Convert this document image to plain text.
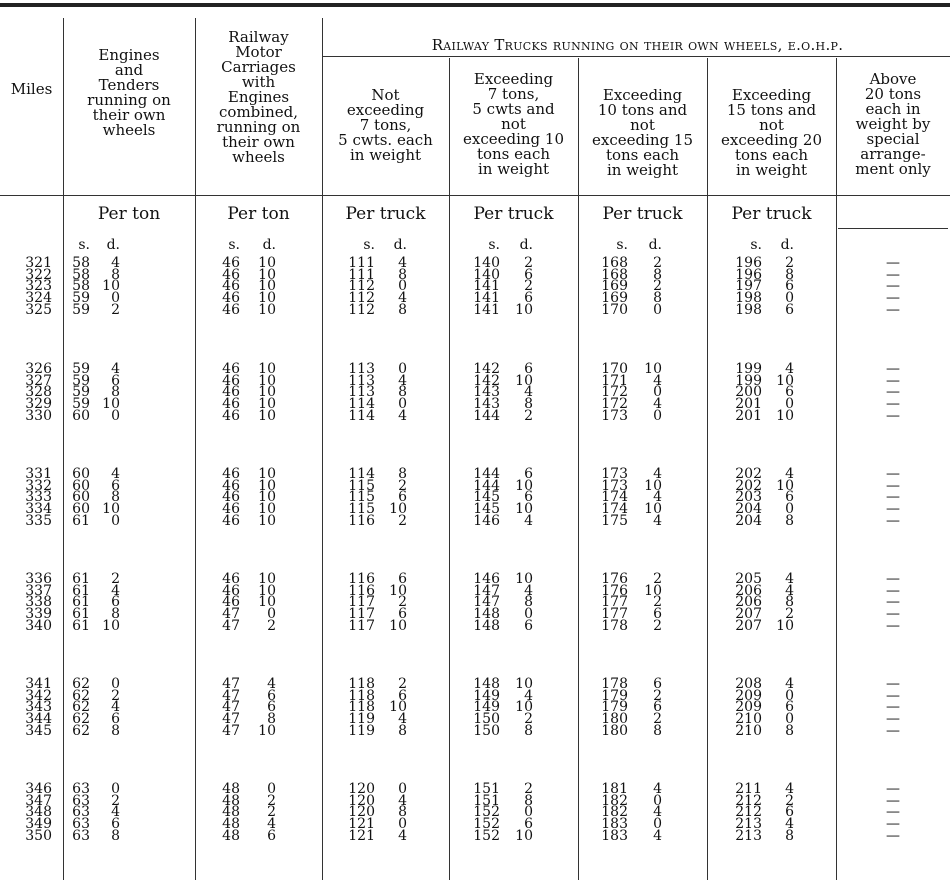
Miles
Engines
and
Tenders
running on
their own
wheels
Railway
Motor
Carriages
with
Engines
combined,
running on
their own
wheels
Railway Trucks running on their own wheels, e.o.h.p.
Not
exceeding
7 tons,
5 cwts. each
in weight
Exceeding
7 tons,
5 cwts and
not
exceeding 10
tons each
in weight
Exceeding
10 tons and
not
exceeding 15
tons each
in weight
Exceeding
15 tons and
not
exceeding 20
tons each
in weight
Above
20 tons
each in
weight by
special
arrange-
ment only
Per ton	Per ton	Per truck	Per truck	Per truck	Per truck
s.	d.	s.	d.	s.	d.	s.	d.	s.	d.	s.	d.
321	58	4	46	10	111	4	140	2	168	2	196	2	—
322	58	8	46	10	111	8	140	6	168	8	196	8	—
323	58 10	46	10	112	0	141	2	169	2	197	6	—
324	59	0	46	10	112	4	141	6	169	8	198	0	—
325	59	2	46	10	112	8	141	10	170	0	198	6	—
326	59	4	46	10	113	0	142	6	170	10	199	4	—
327	59	6	46	10	113	4	142	10	171	4	199	10	—
328	59	8	46	10	113	8	143	4	172	0	200	6	—
329	59 10	46	10	114	0	143	8	172	4	201	0	—
330	60	0	46	10	114	4	144	2	173	0	201	10	—
331	60	4	46	10	114	8	144	6	173	4	202	4	—
332	60	6	46	10	115	2	144	10	173	10	202	10	—
333	60	8	46	10	115	6	145	6	174	4	203	6	—
334	60 10	46	10	115	10	145	10	174	10	204	0	—
335	61	0	46	10	116	2	146	4	175	4	204	8	—
336	61	2	46	10	116	6	146	10	176	2	205	4	—
337	61	4	46	10	116	10	147	4	176	10	206	4	—
338	61	6	46	10	117	2	147	8	177	2	206	8	—
339	61	8	47	0	117	6	148	0	177	6	207	2	—
340	61 10	47	2	117	10	148	6	178	2	207	10	—
341	62	0	47	4	118	2	148	10	178	6	208	4	—
342	62	2	47	6	118	6	149	4	179	2	209	0	—
343	62	4	47	6	118	10	149	10	179	6	209	6	—
344	62	6	47	8	119	4	150	2	180	2	210	0	—
345	62	8	47	10	119	8	150	8	180	8	210	8	—
346	63	0	48	0	120	0	151	2	181	4	211	4	—
347	63	2	48	2	120	4	151	8	182	0	212	2	—
348	63	4	48	2	120	8	152	0	182	4	212	6	—
349	63	6	48	4	121	0	152	6	183	0	213	4	—
350	63	8	48	6	121	4	152	10	183	4	213	8	—
